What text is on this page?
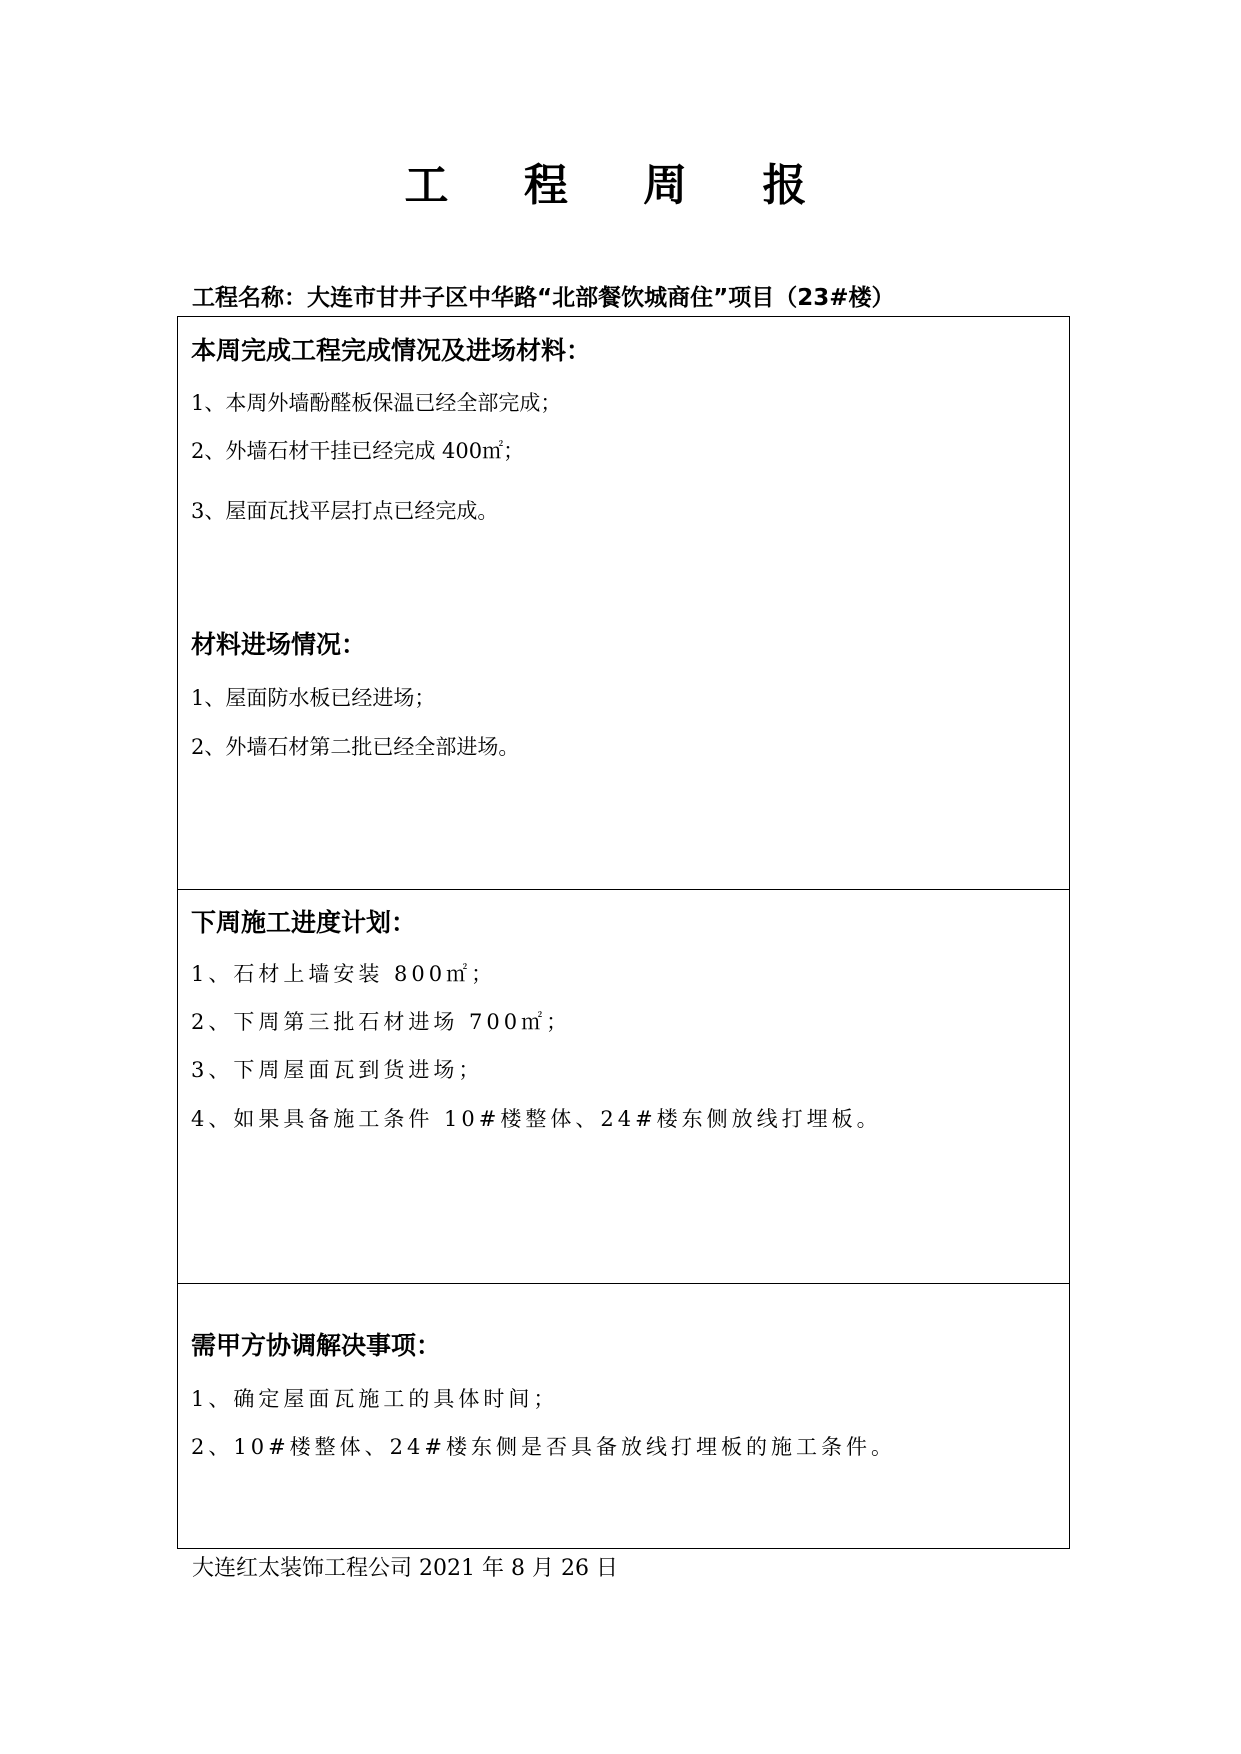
工 程 周 报
工程名称：大连市甘井子区中华路“北部餐饮城商住”项目（23#楼）
本周完成工程完成情况及进场材料：
1、本周外墙酚醛板保温已经全部完成；
2、外墙石材干挂已经完成 400㎡；
3、屋面瓦找平层打点已经完成。
材料进场情况：
1、屋面防水板已经进场；
2、外墙石材第二批已经全部进场。
下周施工进度计划：
1、石材上墙安装 800㎡；
2、下周第三批石材进场 700㎡；
3、下周屋面瓦到货进场；
4、如果具备施工条件 10#楼整体、24#楼东侧放线打埋板。
需甲方协调解决事项：
1、确定屋面瓦施工的具体时间；
2、10#楼整体、24#楼东侧是否具备放线打埋板的施工条件。
大连红太装饰工程公司 2021 年 8 月 26 日
